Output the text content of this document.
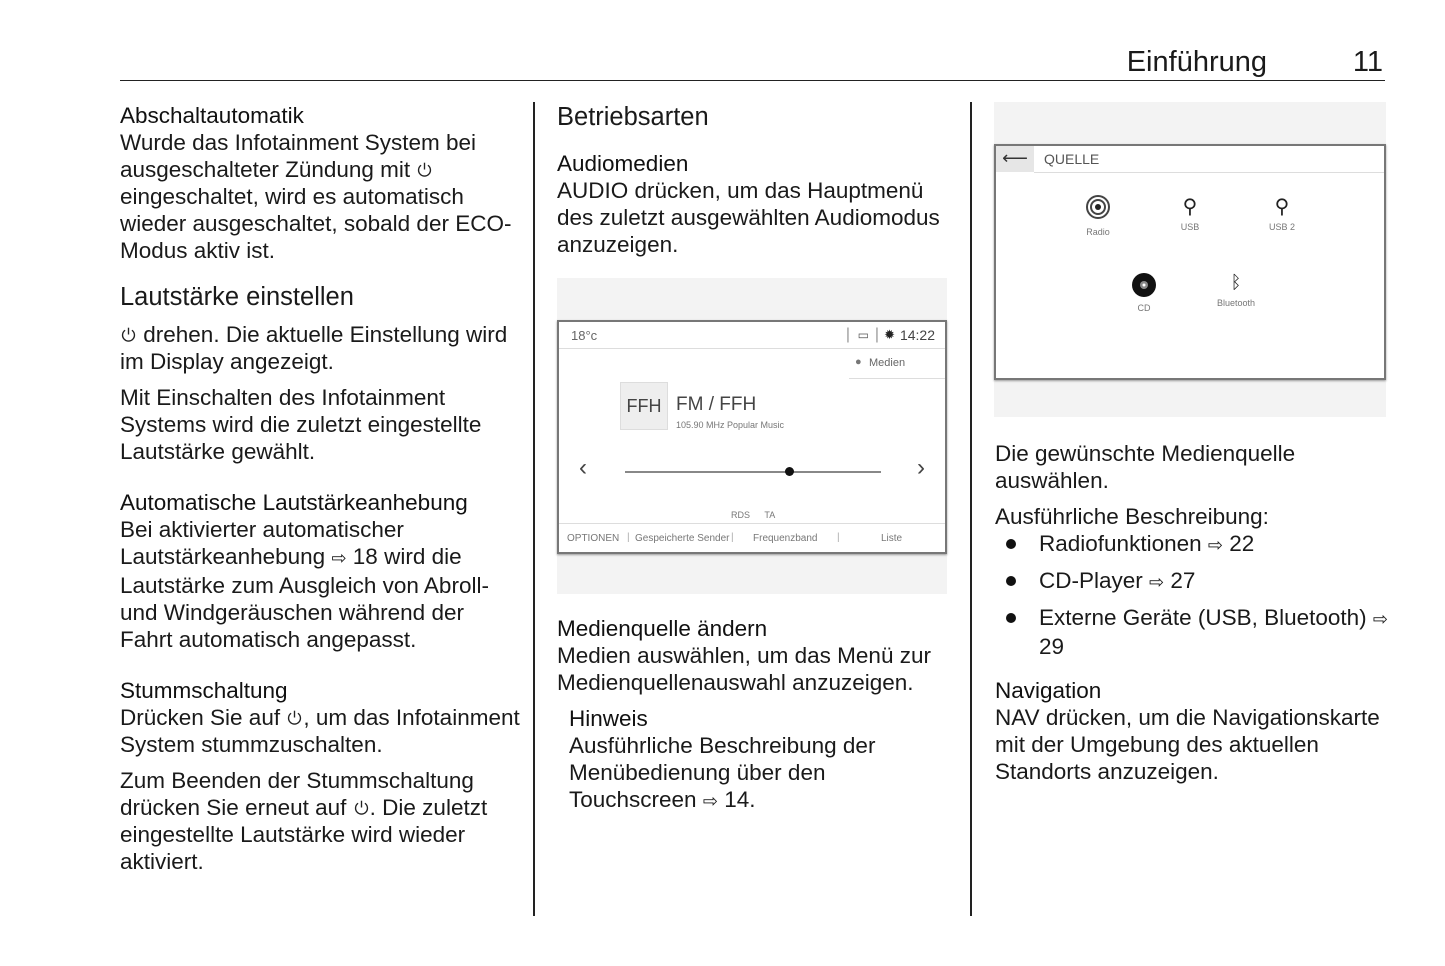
Einführung	11
Abschaltautomatik

Wurde das Infotainment System bei ausgeschalteter Zündung mit  eingeschaltet, wird es automatisch wieder ausgeschaltet, sobald der ECO-Modus aktiv ist.

Lautstärke einstellen

drehen. Die aktuelle Einstellung wird im Display angezeigt.

Mit Einschalten des Infotainment Systems wird die zuletzt eingestellte Lautstärke gewählt.

Automatische Lautstärkeanhebung

Bei aktivierter automatischer Lautstärkeanhebung ⇨ 18 wird die Lautstärke zum Ausgleich von Abroll- und Windgeräuschen während der Fahrt automatisch angepasst.

Stummschaltung

Drücken Sie auf , um das Infotainment System stummzuschalten.

Zum Beenden der Stummschaltung drücken Sie erneut auf . Die zuletzt eingestellte Lautstärke wird wieder aktiviert.

Betriebsarten
Audiomedien

AUDIO drücken, um das Hauptmenü des zuletzt ausgewählten Audiomodus anzuzeigen.

18°c	| ▭ | ✹ 14:22
● Medien
FFH FM / FFH
105.90 MHz Popular Music
‹	›
RDS TA
OPTIONEN | Gespeicherte Sender | Frequenzband |	Liste
Medienquelle ändern

Medien auswählen, um das Menü zur Medienquellenauswahl anzuzeigen.

Hinweis

Ausführliche Beschreibung der Menübedienung über den Touchscreen ⇨ 14.

⟵	QUELLE
Radio
⚲
USB
⚲
USB 2
CD
ᛒ
Bluetooth

Die gewünschte Medienquelle auswählen.

Ausführliche Beschreibung:

Radiofunktionen ⇨ 22
CD-Player ⇨ 27
Externe Geräte (USB, Bluetooth) ⇨ 29
Navigation

NAV drücken, um die Navigationskarte mit der Umgebung des aktuellen Standorts anzuzeigen.
